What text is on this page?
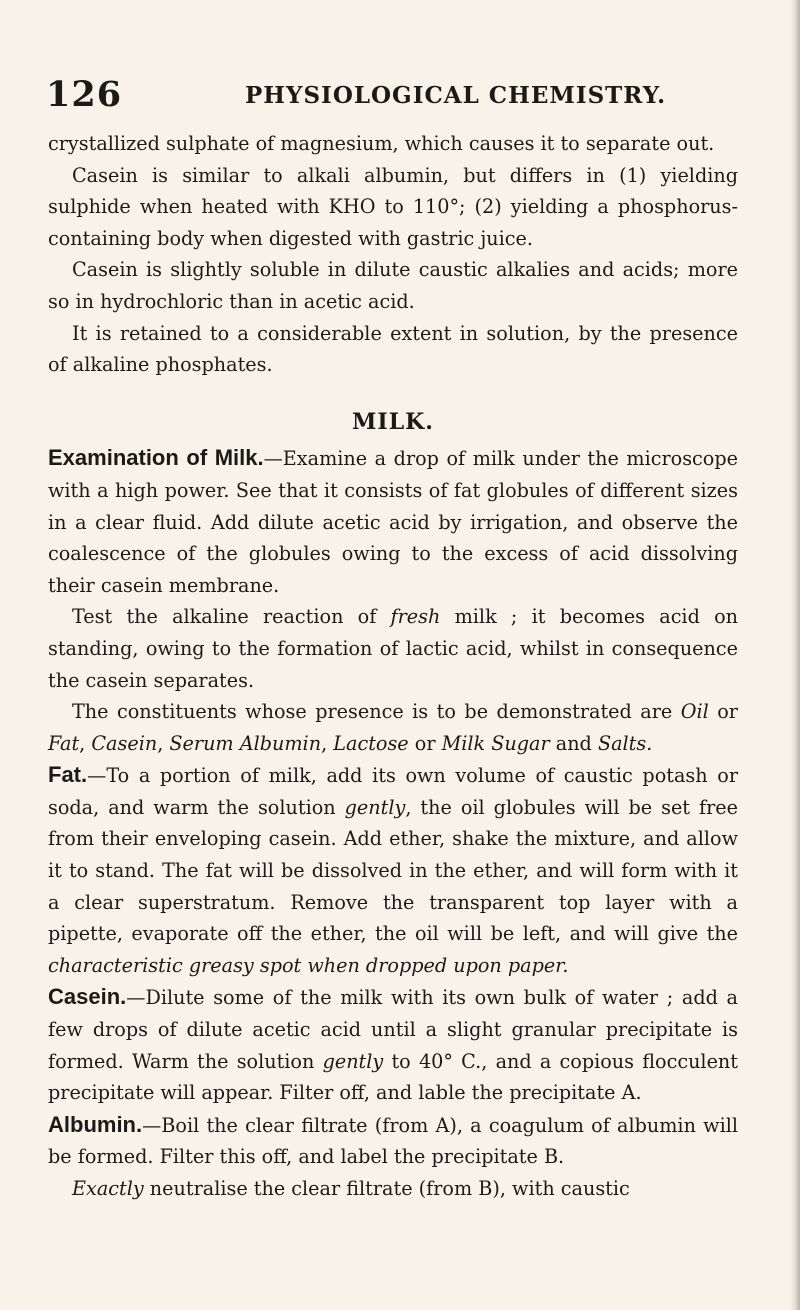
126	PHYSIOLOGICAL CHEMISTRY.

crystallized sulphate of magnesium, which causes it to separate out.

Casein is similar to alkali albumin, but differs in (1) yielding sulphide when heated with KHO to 110°; (2) yielding a phosphorus-containing body when digested with gastric juice.

Casein is slightly soluble in dilute caustic alkalies and acids; more so in hydrochloric than in acetic acid.

It is retained to a considerable extent in solution, by the presence of alkaline phosphates.

MILK.

Examination of Milk.—Examine a drop of milk under the microscope with a high power. See that it consists of fat globules of different sizes in a clear fluid. Add dilute acetic acid by irrigation, and observe the coalescence of the globules owing to the excess of acid dissolving their casein membrane.

Test the alkaline reaction of fresh milk ; it becomes acid on standing, owing to the formation of lactic acid, whilst in consequence the casein separates.

The constituents whose presence is to be demonstrated are Oil or Fat, Casein, Serum Albumin, Lactose or Milk Sugar and Salts.

Fat.—To a portion of milk, add its own volume of caustic potash or soda, and warm the solution gently, the oil globules will be set free from their enveloping casein. Add ether, shake the mixture, and allow it to stand. The fat will be dissolved in the ether, and will form with it a clear superstratum. Remove the transparent top layer with a pipette, evaporate off the ether, the oil will be left, and will give the characteristic greasy spot when dropped upon paper.

Casein.—Dilute some of the milk with its own bulk of water ; add a few drops of dilute acetic acid until a slight granular precipitate is formed. Warm the solution gently to 40° C., and a copious flocculent precipitate will appear. Filter off, and lable the precipitate A.

Albumin.—Boil the clear filtrate (from A), a coagulum of albumin will be formed. Filter this off, and label the precipitate B.

Exactly neutralise the clear filtrate (from B), with caustic
